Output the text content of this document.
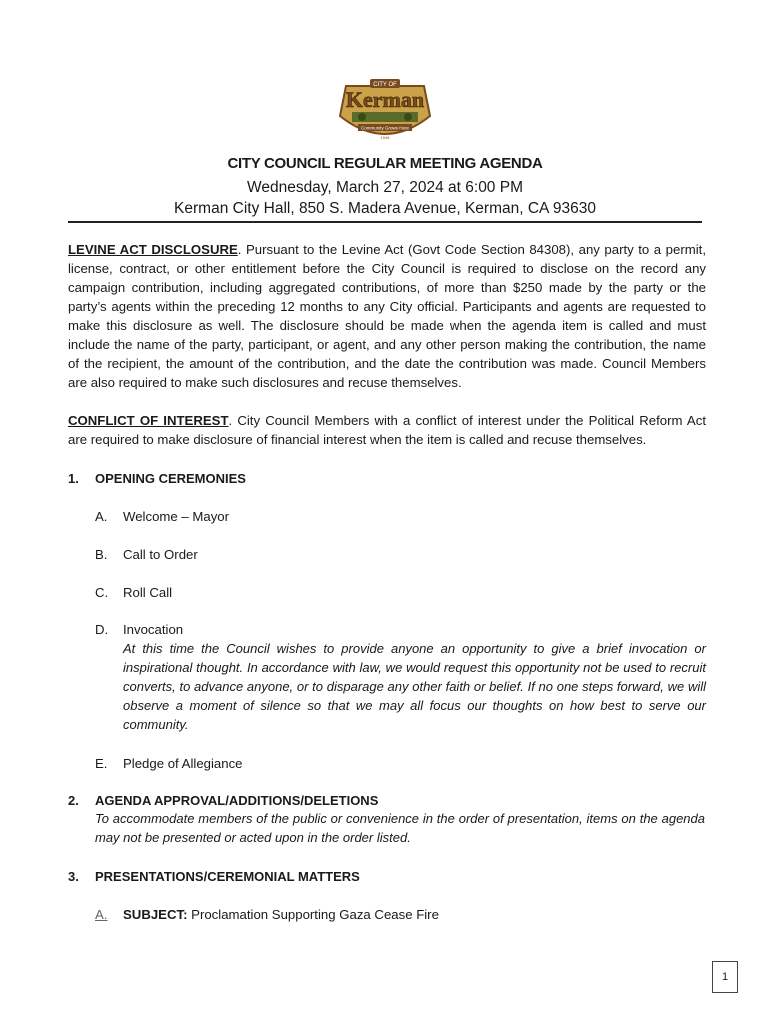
CITY OF
Kerman
Community Grows Here
1946
CITY COUNCIL REGULAR MEETING AGENDA
Wednesday, March 27, 2024 at 6:00 PM
Kerman City Hall, 850 S. Madera Avenue, Kerman, CA 93630
LEVINE ACT DISCLOSURE. Pursuant to the Levine Act (Govt Code Section 84308), any party to a permit, license, contract, or other entitlement before the City Council is required to disclose on the record any campaign contribution, including aggregated contributions, of more than $250 made by the party or the party’s agents within the preceding 12 months to any City official. Participants and agents are requested to make this disclosure as well. The disclosure should be made when the agenda item is called and must include the name of the party, participant, or agent, and any other person making the contribution, the name of the recipient, the amount of the contribution, and the date the contribution was made. Council Members are also required to make such disclosures and recuse themselves.
CONFLICT OF INTEREST. City Council Members with a conflict of interest under the Political Reform Act are required to make disclosure of financial interest when the item is called and recuse themselves.
1. OPENING CEREMONIES
A. Welcome – Mayor
B. Call to Order
C. Roll Call
D. Invocation
At this time the Council wishes to provide anyone an opportunity to give a brief invocation or inspirational thought. In accordance with law, we would request this opportunity not be used to recruit converts, to advance anyone, or to disparage any other faith or belief. If no one steps forward, we will observe a moment of silence so that we may all focus our thoughts on how best to serve our community.
E. Pledge of Allegiance
2. AGENDA APPROVAL/ADDITIONS/DELETIONS
To accommodate members of the public or convenience in the order of presentation, items on the agenda may not be presented or acted upon in the order listed.
3. PRESENTATIONS/CEREMONIAL MATTERS
A. SUBJECT: Proclamation Supporting Gaza Cease Fire
1
